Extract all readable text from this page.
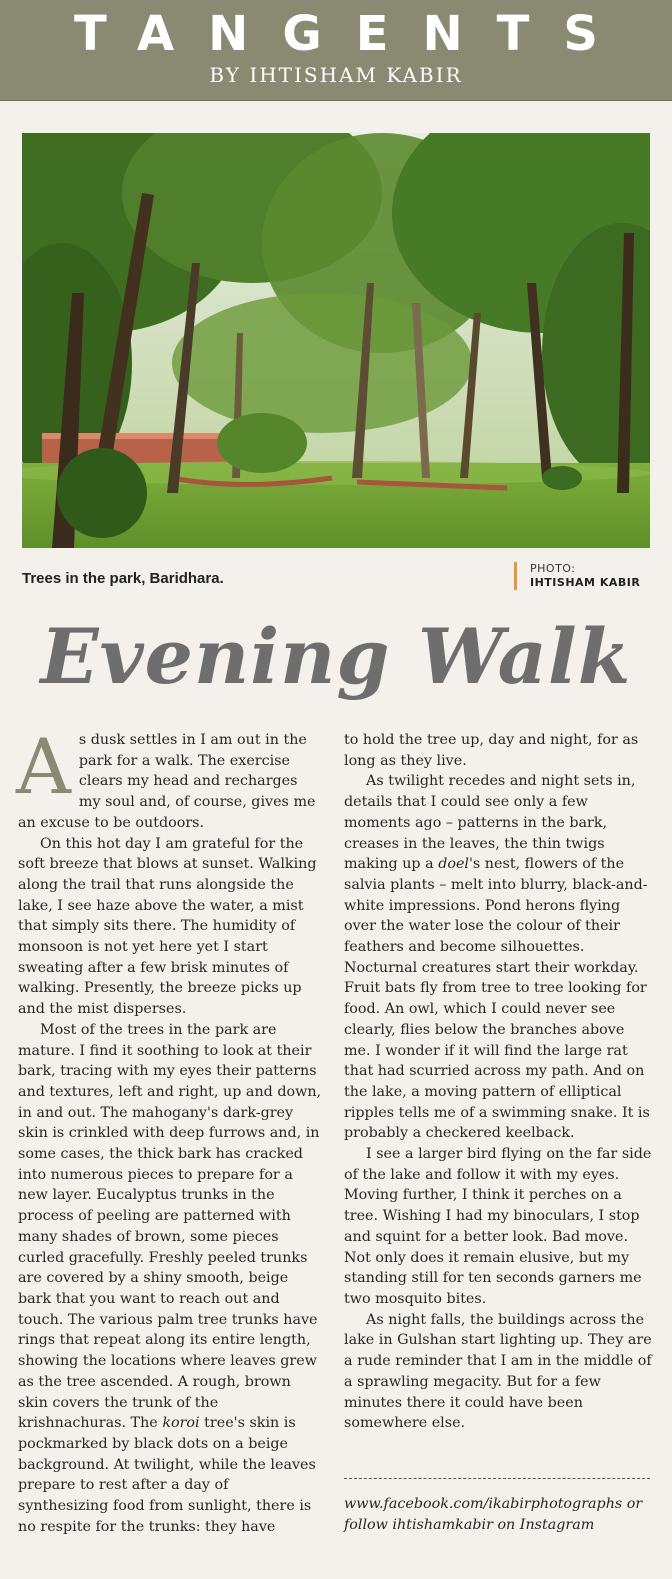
TANGENTS
BY IHTISHAM KABIR
Trees in the park, Baridhara.
PHOTO:
IHTISHAM KABIR
Evening Walk

As dusk settles in I am out in the park for a walk. The exercise clears my head and recharges my soul and, of course, gives me an excuse to be outdoors.

On this hot day I am grateful for the soft breeze that blows at sunset. Walking along the trail that runs alongside the lake, I see haze above the water, a mist that simply sits there. The humidity of monsoon is not yet here yet I start sweating after a few brisk minutes of walking. Presently, the breeze picks up and the mist disperses.

Most of the trees in the park are mature. I find it soothing to look at their bark, tracing with my eyes their patterns and textures, left and right, up and down, in and out. The mahogany's dark-grey skin is crinkled with deep furrows and, in some cases, the thick bark has cracked into numerous pieces to prepare for a new layer. Eucalyptus trunks in the process of peeling are patterned with many shades of brown, some pieces curled gracefully. Freshly peeled trunks are covered by a shiny smooth, beige bark that you want to reach out and touch. The various palm tree trunks have rings that repeat along its entire length, showing the locations where leaves grew as the tree ascended. A rough, brown skin covers the trunk of the krishnachuras. The koroi tree's skin is pockmarked by black dots on a beige background. At twilight, while the leaves prepare to rest after a day of synthesizing food from sunlight, there is no respite for the trunks: they have

to hold the tree up, day and night, for as long as they live.

As twilight recedes and night sets in, details that I could see only a few moments ago – patterns in the bark, creases in the leaves, the thin twigs making up a doel's nest, flowers of the salvia plants – melt into blurry, black-and-white impressions. Pond herons flying over the water lose the colour of their feathers and become silhouettes. Nocturnal creatures start their workday. Fruit bats fly from tree to tree looking for food. An owl, which I could never see clearly, flies below the branches above me. I wonder if it will find the large rat that had scurried across my path. And on the lake, a moving pattern of elliptical ripples tells me of a swimming snake. It is probably a checkered keelback.

I see a larger bird flying on the far side of the lake and follow it with my eyes. Moving further, I think it perches on a tree. Wishing I had my binoculars, I stop and squint for a better look. Bad move. Not only does it remain elusive, but my standing still for ten seconds garners me two mosquito bites.

As night falls, the buildings across the lake in Gulshan start lighting up. They are a rude reminder that I am in the middle of a sprawling megacity. But for a few minutes there it could have been somewhere else.

www.facebook.com/ikabirphotographs or follow ihtishamkabir on Instagram
